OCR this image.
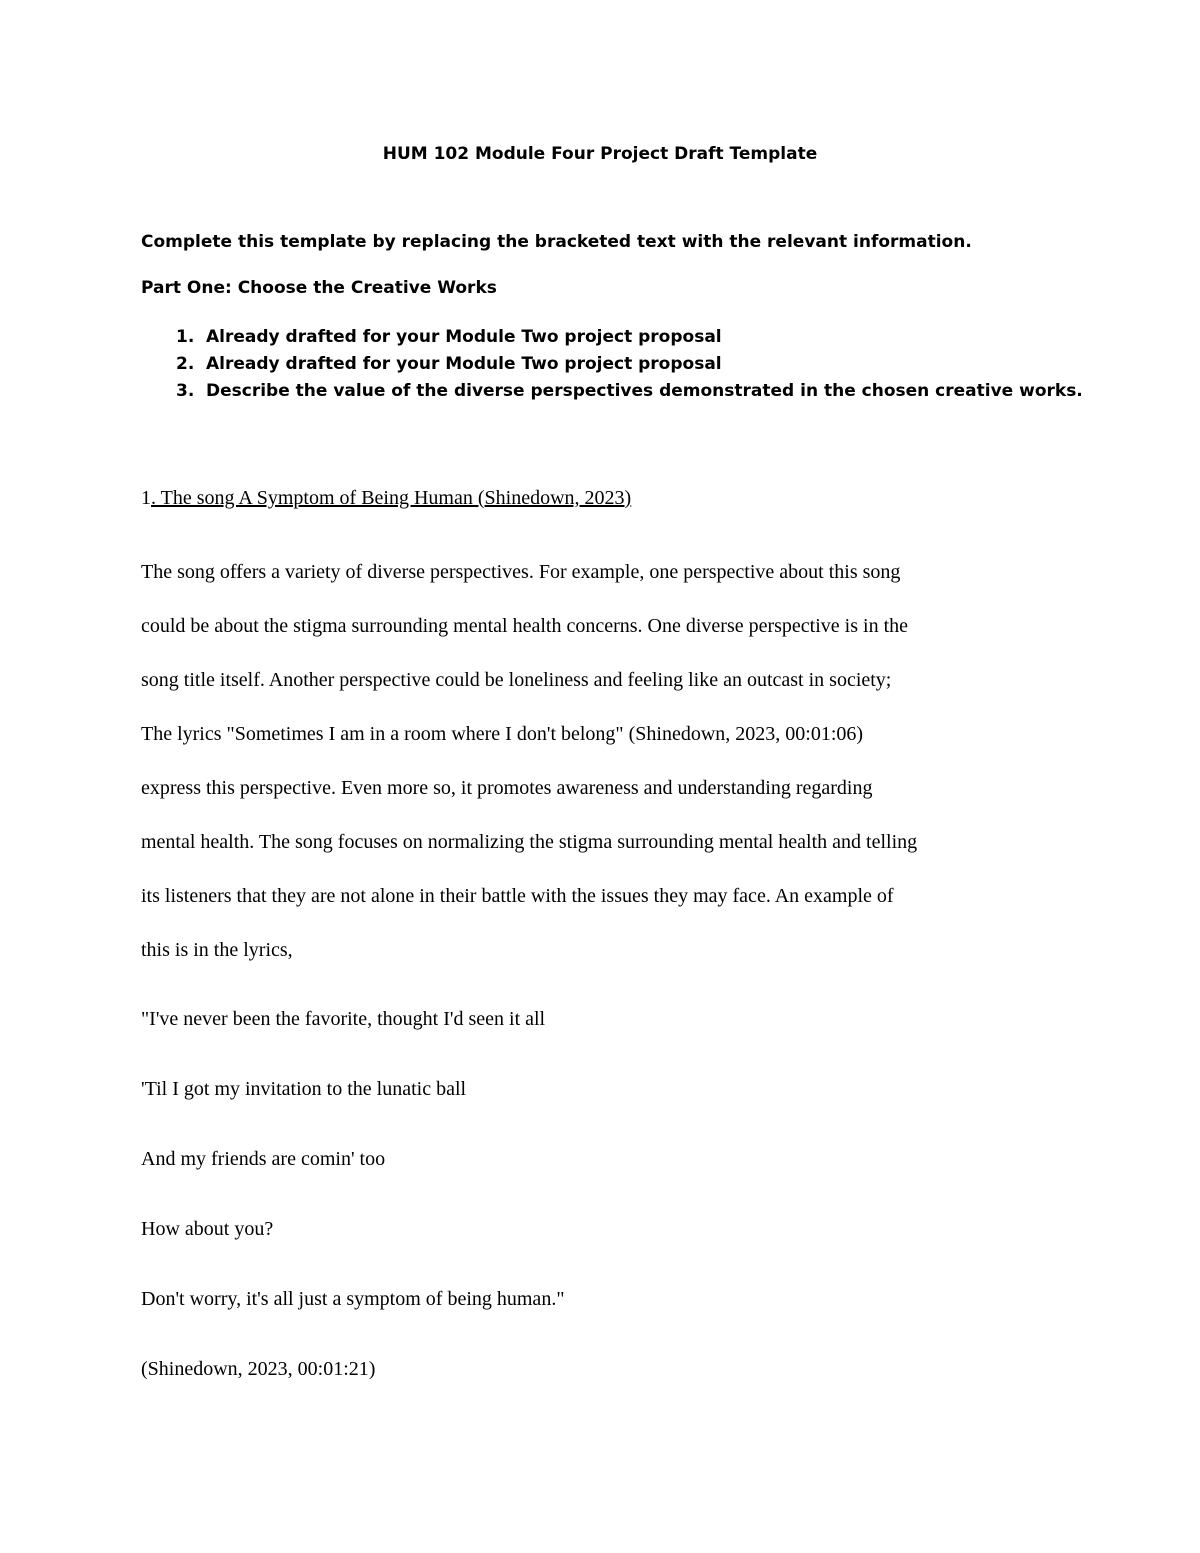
HUM 102 Module Four Project Draft Template
Complete this template by replacing the bracketed text with the relevant information.
Part One: Choose the Creative Works
1. Already drafted for your Module Two project proposal
2. Already drafted for your Module Two project proposal
3. Describe the value of the diverse perspectives demonstrated in the chosen creative works.
1. The song A Symptom of Being Human (Shinedown, 2023)
The song offers a variety of diverse perspectives. For example, one perspective about this song
could be about the stigma surrounding mental health concerns. One diverse perspective is in the
song title itself. Another perspective could be loneliness and feeling like an outcast in society;
The lyrics "Sometimes I am in a room where I don't belong" (Shinedown, 2023, 00:01:06)
express this perspective. Even more so, it promotes awareness and understanding regarding
mental health. The song focuses on normalizing the stigma surrounding mental health and telling
its listeners that they are not alone in their battle with the issues they may face. An example of
this is in the lyrics,
"I've never been the favorite, thought I'd seen it all
'Til I got my invitation to the lunatic ball
And my friends are comin' too
How about you?
Don't worry, it's all just a symptom of being human."
(Shinedown, 2023, 00:01:21)
